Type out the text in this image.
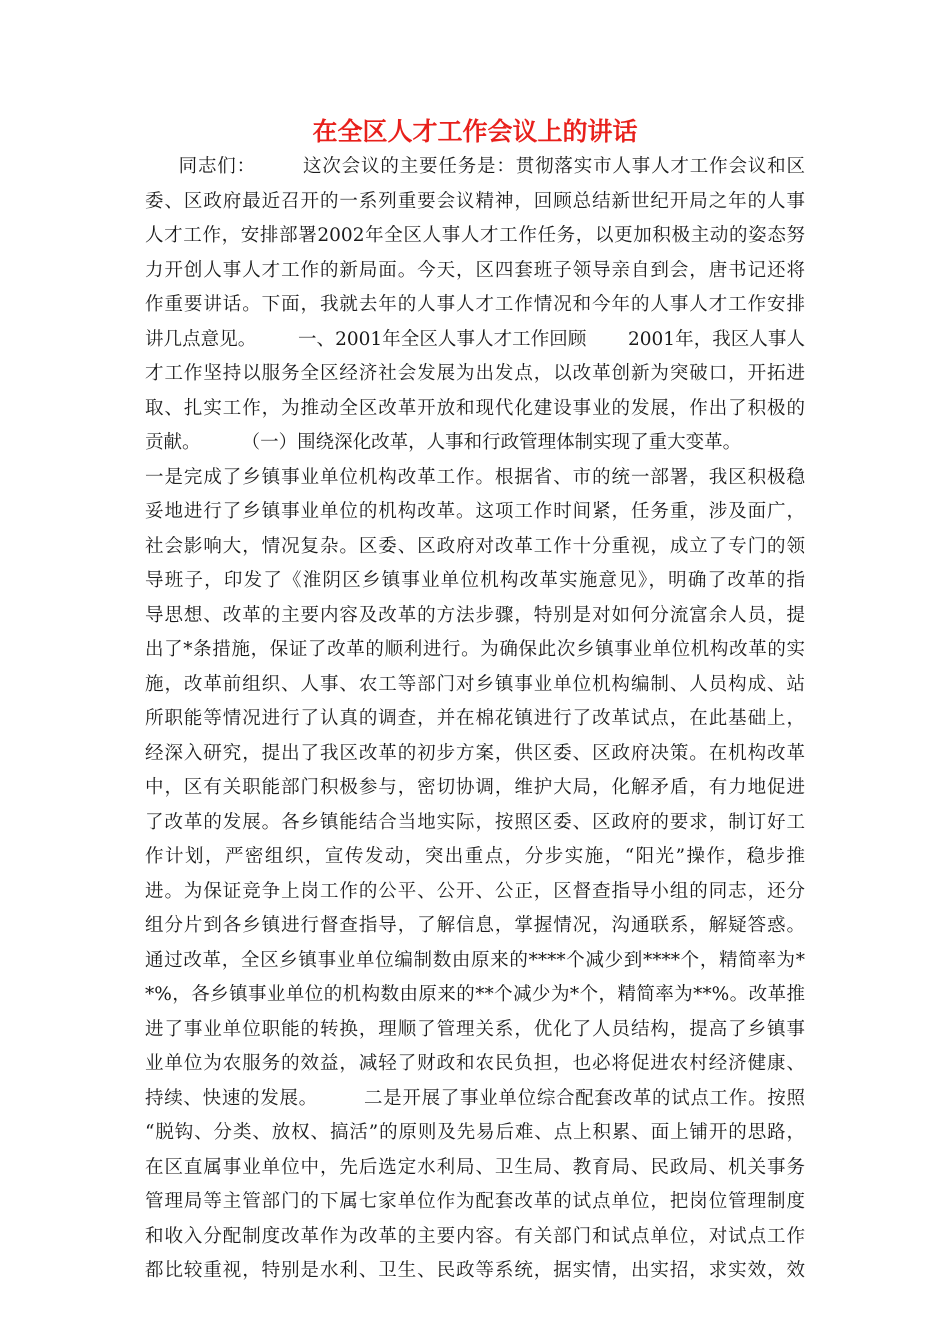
在全区人才工作会议上的讲话
同志们：       这次会议的主要任务是：贯彻落实市人事人才工作会议和区
委、区政府最近召开的一系列重要会议精神，回顾总结新世纪开局之年的人事
人才工作，安排部署2002年全区人事人才工作任务，以更加积极主动的姿态努
力开创人事人才工作的新局面。今天，区四套班子领导亲自到会，唐书记还将
作重要讲话。下面，我就去年的人事人才工作情况和今年的人事人才工作安排
讲几点意见。       一、2001年全区人事人才工作回顾       2001年，我区人事人
才工作坚持以服务全区经济社会发展为出发点，以改革创新为突破口，开拓进
取、扎实工作，为推动全区改革开放和现代化建设事业的发展，作出了积极的
贡献。       （一）围绕深化改革，人事和行政管理体制实现了重大变革。
一是完成了乡镇事业单位机构改革工作。根据省、市的统一部署，我区积极稳
妥地进行了乡镇事业单位的机构改革。这项工作时间紧，任务重，涉及面广，
社会影响大，情况复杂。区委、区政府对改革工作十分重视，成立了专门的领
导班子，印发了《淮阴区乡镇事业单位机构改革实施意见》，明确了改革的指
导思想、改革的主要内容及改革的方法步骤，特别是对如何分流富余人员，提
出了*条措施，保证了改革的顺利进行。为确保此次乡镇事业单位机构改革的实
施，改革前组织、人事、农工等部门对乡镇事业单位机构编制、人员构成、站
所职能等情况进行了认真的调查，并在棉花镇进行了改革试点，在此基础上，
经深入研究，提出了我区改革的初步方案，供区委、区政府决策。在机构改革
中，区有关职能部门积极参与，密切协调，维护大局，化解矛盾，有力地促进
了改革的发展。各乡镇能结合当地实际，按照区委、区政府的要求，制订好工
作计划，严密组织，宣传发动，突出重点，分步实施，“阳光”操作，稳步推
进。为保证竞争上岗工作的公平、公开、公正，区督查指导小组的同志，还分
组分片到各乡镇进行督查指导，了解信息，掌握情况，沟通联系，解疑答惑。
通过改革，全区乡镇事业单位编制数由原来的****个减少到****个，精简率为*
*%，各乡镇事业单位的机构数由原来的**个减少为*个，精简率为**%。改革推
进了事业单位职能的转换，理顺了管理关系，优化了人员结构，提高了乡镇事
业单位为农服务的效益，减轻了财政和农民负担，也必将促进农村经济健康、
持续、快速的发展。       二是开展了事业单位综合配套改革的试点工作。按照
“脱钩、分类、放权、搞活”的原则及先易后难、点上积累、面上铺开的思路，
在区直属事业单位中，先后选定水利局、卫生局、教育局、民政局、机关事务
管理局等主管部门的下属七家单位作为配套改革的试点单位，把岗位管理制度
和收入分配制度改革作为改革的主要内容。有关部门和试点单位，对试点工作
都比较重视，特别是水利、卫生、民政等系统，据实情，出实招，求实效，效
